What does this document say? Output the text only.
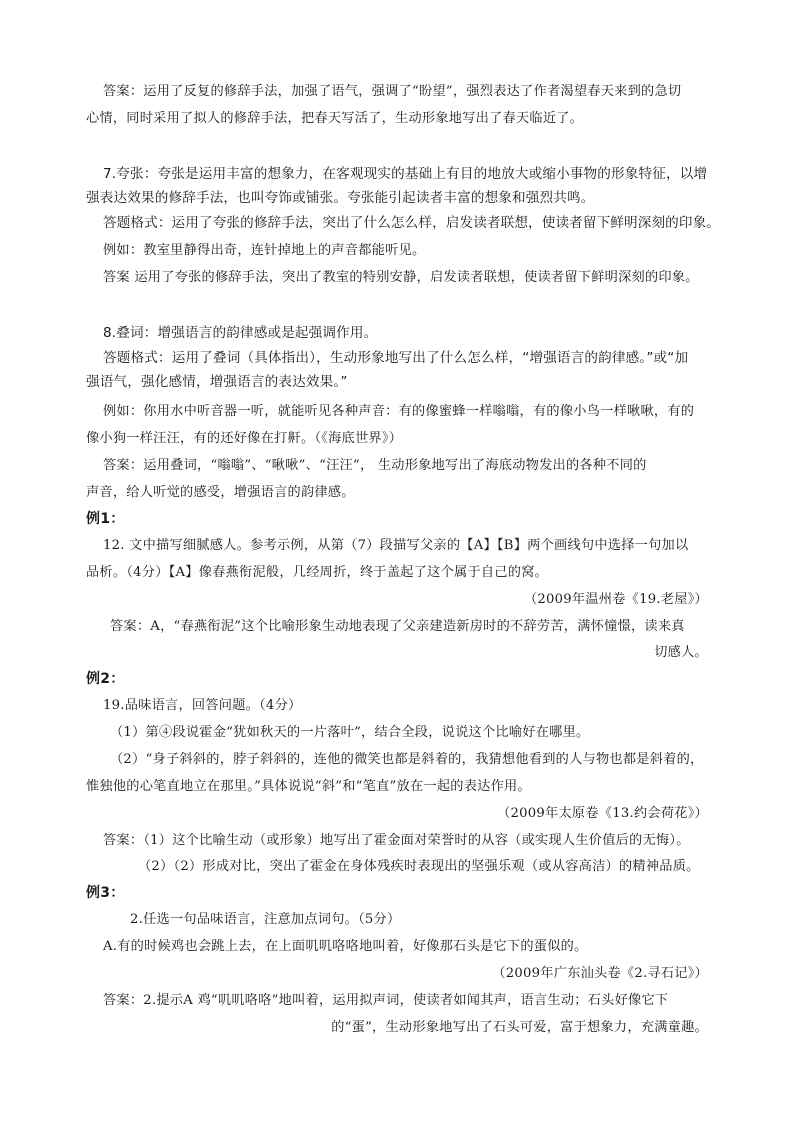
答案：运用了反复的修辞手法，加强了语气，强调了“盼望”，强烈表达了作者渴望春天来到的急切
心情，同时采用了拟人的修辞手法，把春天写活了，生动形象地写出了春天临近了。
7.夸张：夸张是运用丰富的想象力，在客观现实的基础上有目的地放大或缩小事物的形象特征，以增
强表达效果的修辞手法，也叫夸饰或铺张。夸张能引起读者丰富的想象和强烈共鸣。
答题格式：运用了夸张的修辞手法，突出了什么怎么样，启发读者联想，使读者留下鲜明深刻的印象。
例如：教室里静得出奇，连针掉地上的声音都能听见。
答案 运用了夸张的修辞手法，突出了教室的特别安静，启发读者联想，使读者留下鲜明深刻的印象。
8.叠词：增强语言的韵律感或是起强调作用。
答题格式：运用了叠词（具体指出），生动形象地写出了什么怎么样，“增强语言的韵律感。”或“加
强语气，强化感情，增强语言的表达效果。”
例如：你用水中听音器一听，就能听见各种声音：有的像蜜蜂一样嗡嗡，有的像小鸟一样啾啾，有的
像小狗一样汪汪，有的还好像在打鼾。（《海底世界》）
答案：运用叠词，“嗡嗡”、“啾啾”、“汪汪”， 生动形象地写出了海底动物发出的各种不同的
声音，给人听觉的感受，增强语言的韵律感。
例1：
12. 文中描写细腻感人。参考示例，从第（7）段描写父亲的【A】【B】两个画线句中选择一句加以
品析。（4分）【A】像春燕衔泥般，几经周折，终于盖起了这个属于自己的窝。
（2009年温州卷《19.老屋》）
答案：A，“春燕衔泥”这个比喻形象生动地表现了父亲建造新房时的不辞劳苦，满怀憧憬，读来真
切感人。
例2：
19.品味语言，回答问题。（4分）
（1）第④段说霍金“犹如秋天的一片落叶”，结合全段，说说这个比喻好在哪里。
（2）“身子斜斜的，脖子斜斜的，连他的微笑也都是斜着的，我猜想他看到的人与物也都是斜着的，
惟独他的心笔直地立在那里。”具体说说“斜”和“笔直”放在一起的表达作用。
（2009年太原卷《13.约会荷花》）
答案：（1）这个比喻生动（或形象）地写出了霍金面对荣誉时的从容（或实现人生价值后的无悔）。
（2）（2）形成对比，突出了霍金在身体残疾时表现出的坚强乐观（或从容高洁）的精神品质。
例3：
2.任选一句品味语言，注意加点词句。（5分）
A.有的时候鸡也会跳上去，在上面叽叽咯咯地叫着，好像那石头是它下的蛋似的。
（2009年广东汕头卷《2.寻石记》）
答案：2.提示A 鸡“叽叽咯咯”地叫着，运用拟声词，使读者如闻其声，语言生动；石头好像它下
的“蛋”，生动形象地写出了石头可爱，富于想象力，充满童趣。
